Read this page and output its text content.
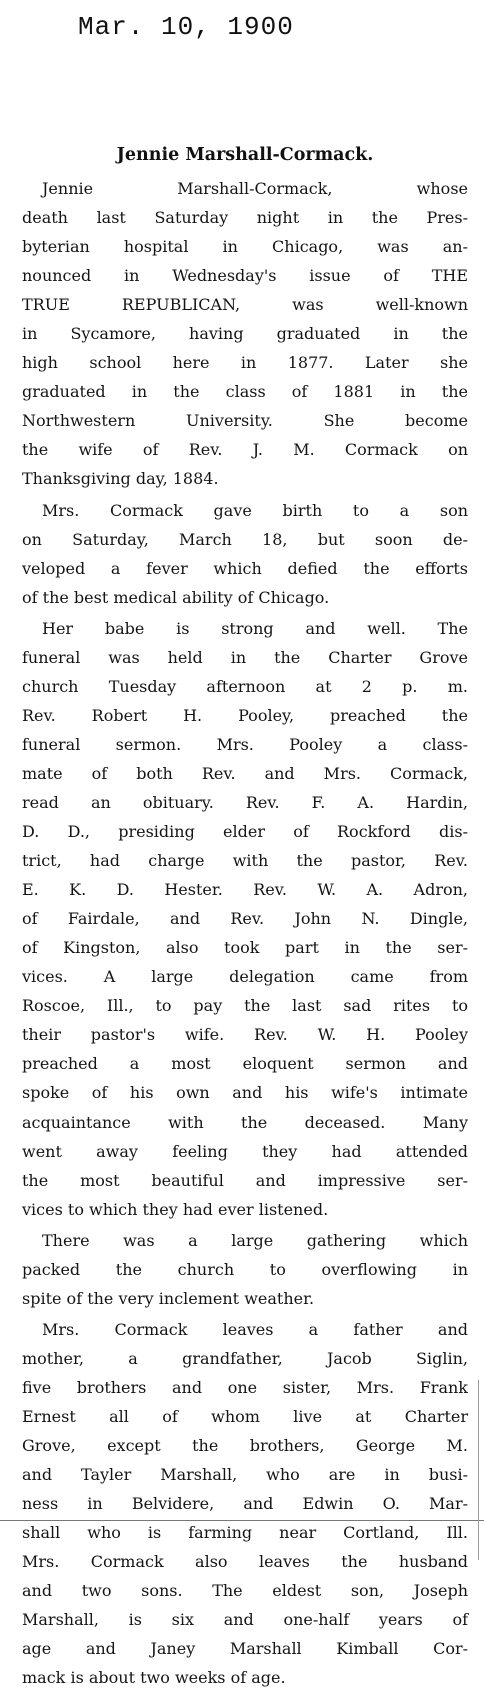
Mar. 10, 1900
Jennie Marshall-Cormack.
Jennie Marshall-Cormack, whose
death last Saturday night in the Pres-
byterian hospital in Chicago, was an-
nounced in Wednesday's issue of THE
TRUE REPUBLICAN, was well-known
in Sycamore, having graduated in the
high school here in 1877. Later she
graduated in the class of 1881 in the
Northwestern University. She become
the wife of Rev. J. M. Cormack on
Thanksgiving day, 1884.
Mrs. Cormack gave birth to a son
on Saturday, March 18, but soon de-
veloped a fever which defied the efforts
of the best medical ability of Chicago.
Her babe is strong and well. The
funeral was held in the Charter Grove
church Tuesday afternoon at 2 p. m.
Rev. Robert H. Pooley, preached the
funeral sermon. Mrs. Pooley a class-
mate of both Rev. and Mrs. Cormack,
read an obituary. Rev. F. A. Hardin,
D. D., presiding elder of Rockford dis-
trict, had charge with the pastor, Rev.
E. K. D. Hester. Rev. W. A. Adron,
of Fairdale, and Rev. John N. Dingle,
of Kingston, also took part in the ser-
vices. A large delegation came from
Roscoe, Ill., to pay the last sad rites to
their pastor's wife. Rev. W. H. Pooley
preached a most eloquent sermon and
spoke of his own and his wife's intimate
acquaintance with the deceased. Many
went away feeling they had attended
the most beautiful and impressive ser-
vices to which they had ever listened.
There was a large gathering which
packed the church to overflowing in
spite of the very inclement weather.
Mrs. Cormack leaves a father and
mother, a grandfather, Jacob Siglin,
five brothers and one sister, Mrs. Frank
Ernest all of whom live at Charter
Grove, except the brothers, George M.
and Tayler Marshall, who are in busi-
ness in Belvidere, and Edwin O. Mar-
shall who is farming near Cortland, Ill.
Mrs. Cormack also leaves the husband
and two sons. The eldest son, Joseph
Marshall, is six and one-half years of
age and Janey Marshall Kimball Cor-
mack is about two weeks of age.
